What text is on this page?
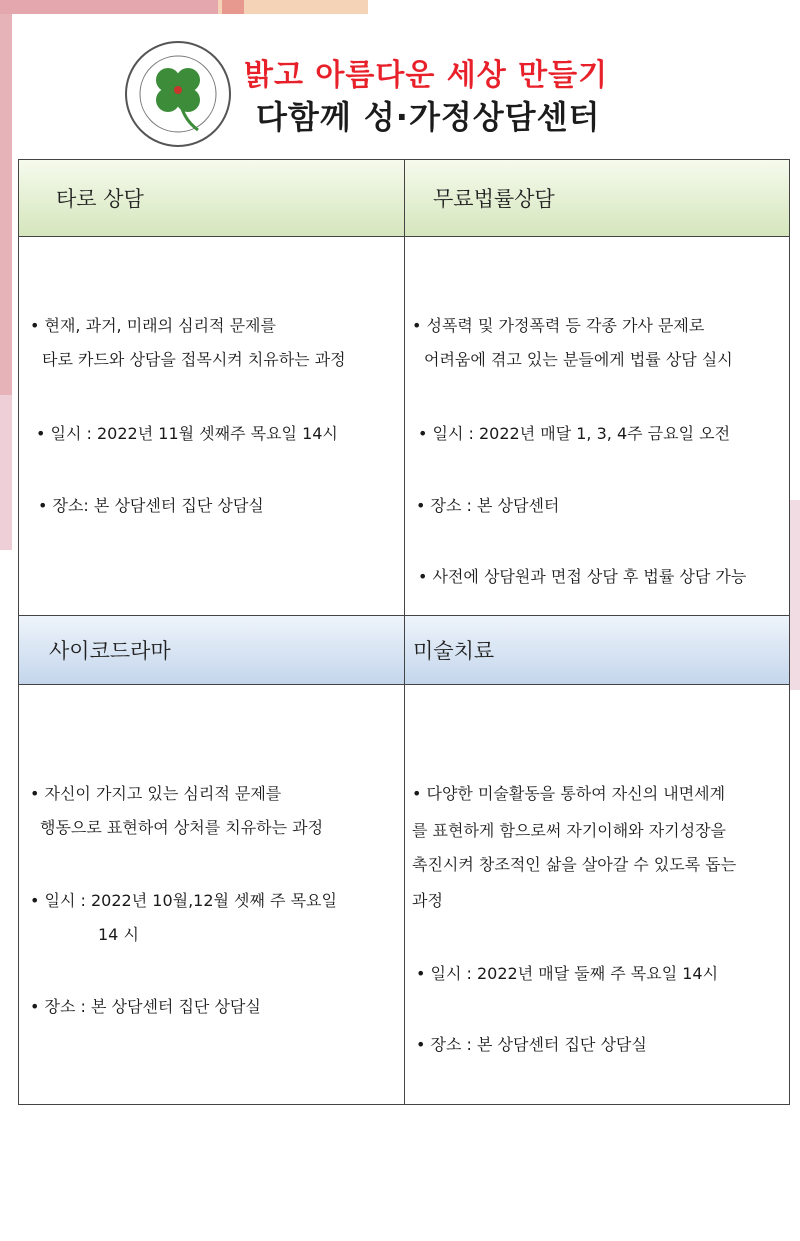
밝고 아름다운 세상 만들기
다함께 성·가정상담센터
타로 상담	무료법률상담
사이코드라마	미술치료
• 현재, 과거, 미래의 심리적 문제를
타로 카드와 상담을 접목시켜 치유하는 과정
• 일시 : 2022년 11월 셋째주 목요일 14시
• 장소: 본 상담센터 집단 상담실
• 성폭력 및 가정폭력 등 각종 가사 문제로
어려움에 겪고 있는 분들에게 법률 상담 실시
• 일시 : 2022년 매달 1, 3, 4주 금요일 오전
• 장소 : 본 상담센터
• 사전에 상담원과 면접 상담 후 법률 상담 가능
• 자신이 가지고 있는 심리적 문제를
행동으로 표현하여 상처를 치유하는 과정
• 일시 : 2022년 10월,12월 셋째 주 목요일
14 시
• 장소 : 본 상담센터 집단 상담실
• 다양한 미술활동을 통하여 자신의 내면세계
를 표현하게 함으로써 자기이해와 자기성장을
촉진시켜 창조적인 삶을 살아갈 수 있도록 돕는
과정
• 일시 : 2022년 매달 둘째 주 목요일 14시
• 장소 : 본 상담센터 집단 상담실
